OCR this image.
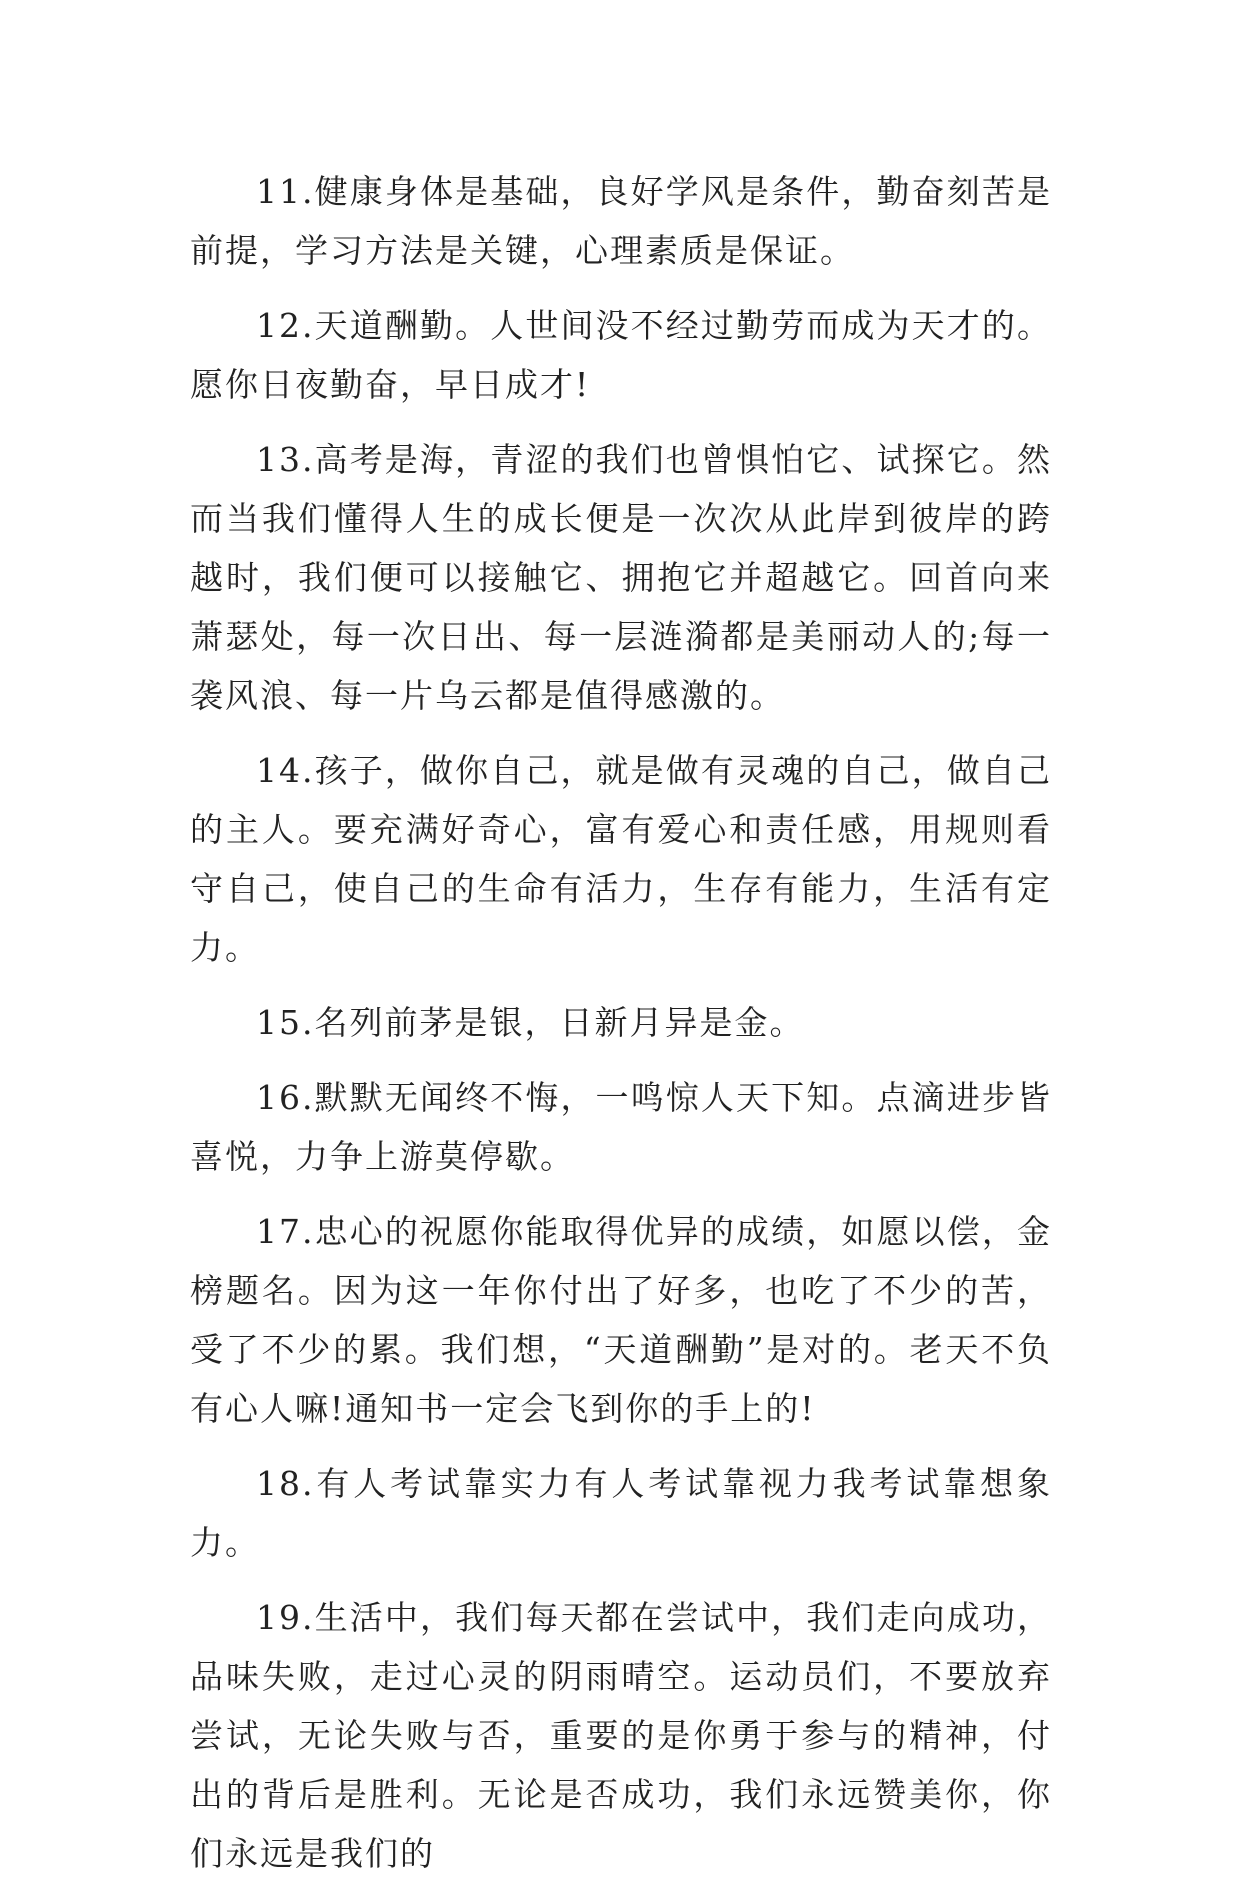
11.健康身体是基础，良好学风是条件，勤奋刻苦是前提，学习方法是关键，心理素质是保证。

12.天道酬勤。人世间没不经过勤劳而成为天才的。愿你日夜勤奋，早日成才!

13.高考是海，青涩的我们也曾惧怕它、试探它。然而当我们懂得人生的成长便是一次次从此岸到彼岸的跨越时，我们便可以接触它、拥抱它并超越它。回首向来萧瑟处，每一次日出、每一层涟漪都是美丽动人的;每一袭风浪、每一片乌云都是值得感激的。

14.孩子，做你自己，就是做有灵魂的自己，做自己的主人。要充满好奇心，富有爱心和责任感，用规则看守自己，使自己的生命有活力，生存有能力，生活有定力。

15.名列前茅是银，日新月异是金。

16.默默无闻终不悔，一鸣惊人天下知。点滴进步皆喜悦，力争上游莫停歇。

17.忠心的祝愿你能取得优异的成绩，如愿以偿，金榜题名。因为这一年你付出了好多，也吃了不少的苦，受了不少的累。我们想，“天道酬勤”是对的。老天不负有心人嘛!通知书一定会飞到你的手上的!

18.有人考试靠实力有人考试靠视力我考试靠想象力。

19.生活中，我们每天都在尝试中，我们走向成功，品味失败，走过心灵的阴雨晴空。运动员们，不要放弃尝试，无论失败与否，重要的是你勇于参与的精神，付出的背后是胜利。无论是否成功，我们永远赞美你，你们永远是我们的
